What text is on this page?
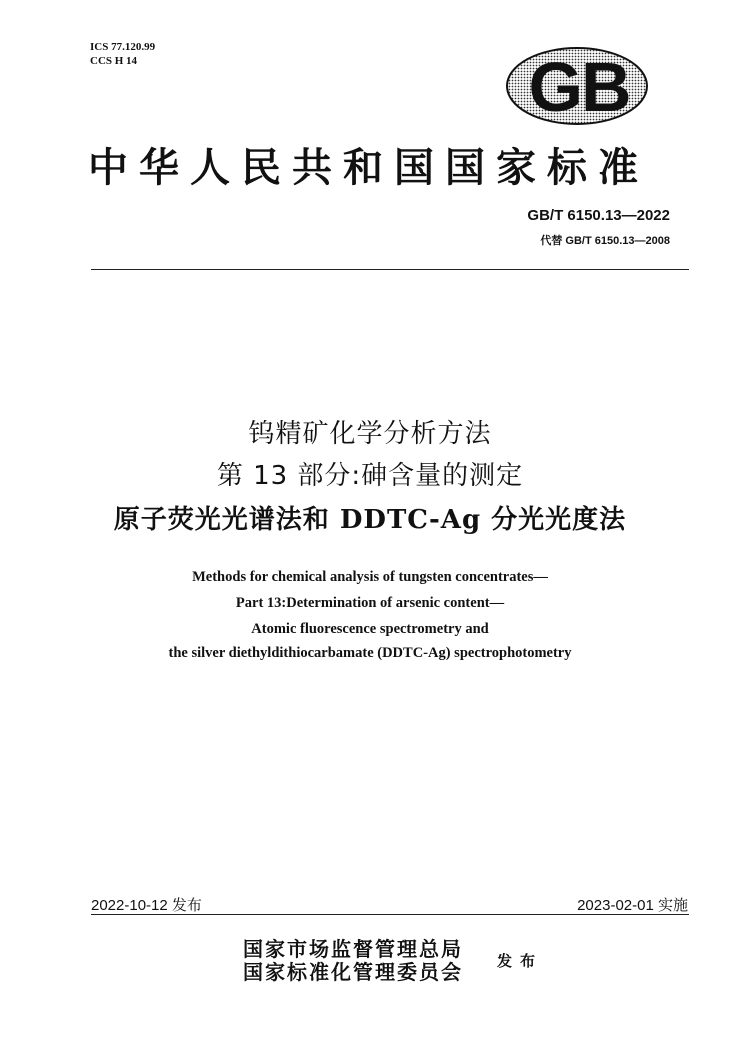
ICS 77.120.99
CCS H 14	GB
中华人民共和国国家标准
GB/T 6150.13—2022
代替 GB/T 6150.13—2008
钨精矿化学分析方法
第 13 部分:砷含量的测定
原子荧光光谱法和 DDTC-Ag 分光光度法
Methods for chemical analysis of tungsten concentrates—
Part 13:Determination of arsenic content—
Atomic fluorescence spectrometry and
the silver diethyldithiocarbamate (DDTC-Ag) spectrophotometry
2022-10-12 发布	2023-02-01 实施
国家市场监督管理总局
国家标准化管理委员会 发布
